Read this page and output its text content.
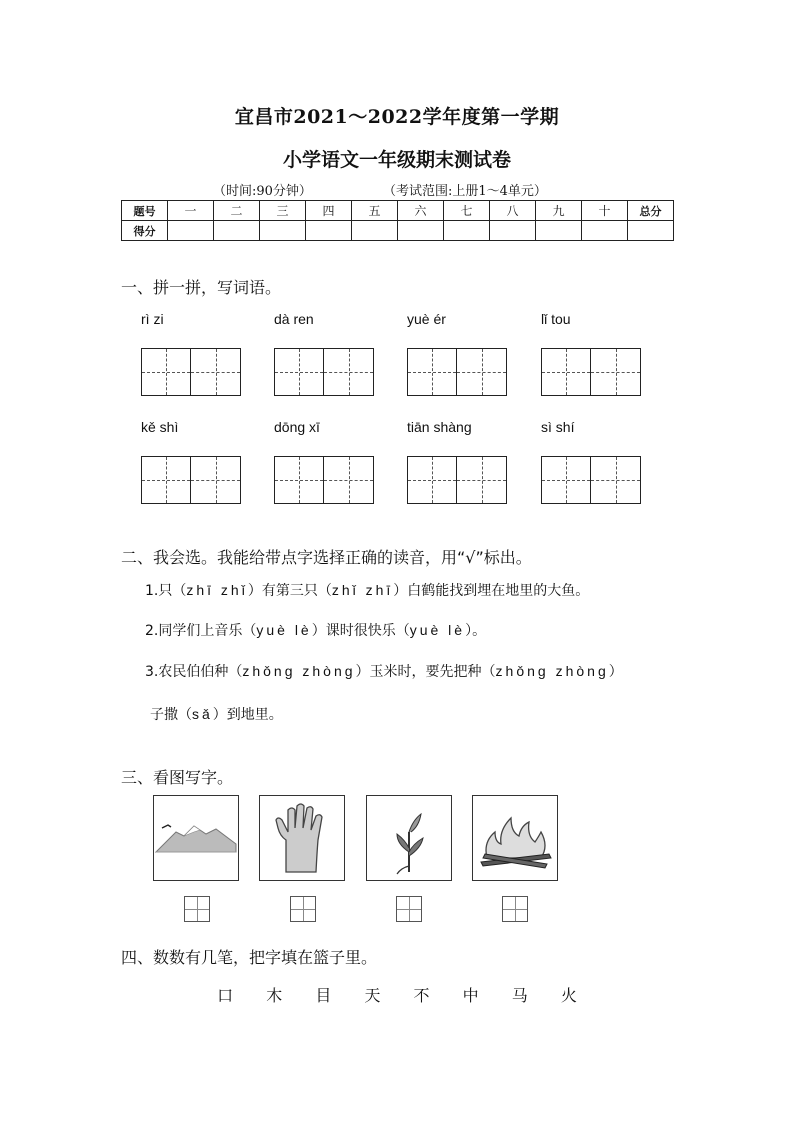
宜昌市2021～2022学年度第一学期
小学语文一年级期末测试卷
（时间:90分钟）	（考试范围:上册1～4单元）
题号	一	二	三	四	五	六	七	八	九	十	总分
得分											
一、拼一拼，写词语。
rì zi	dà ren	yuè ér	lǐ tou
kě shì	dōng xī	tiān shàng	sì shí
二、我会选。我能给带点字选择正确的读音，用“√”标出。
1.只（zhī zhǐ）有第三只（zhǐ zhī）白鹤能找到埋在地里的大鱼。
2.同学们上音乐（yuè lè）课时很快乐（yuè lè）。
3.农民伯伯种（zhǒng zhòng）玉米时，要先把种（zhǒng zhòng）
子撒（sǎ）到地里。
三、看图写字。
四、数数有几笔，把字填在篮子里。
口 木 目 天 不 中 马 火
